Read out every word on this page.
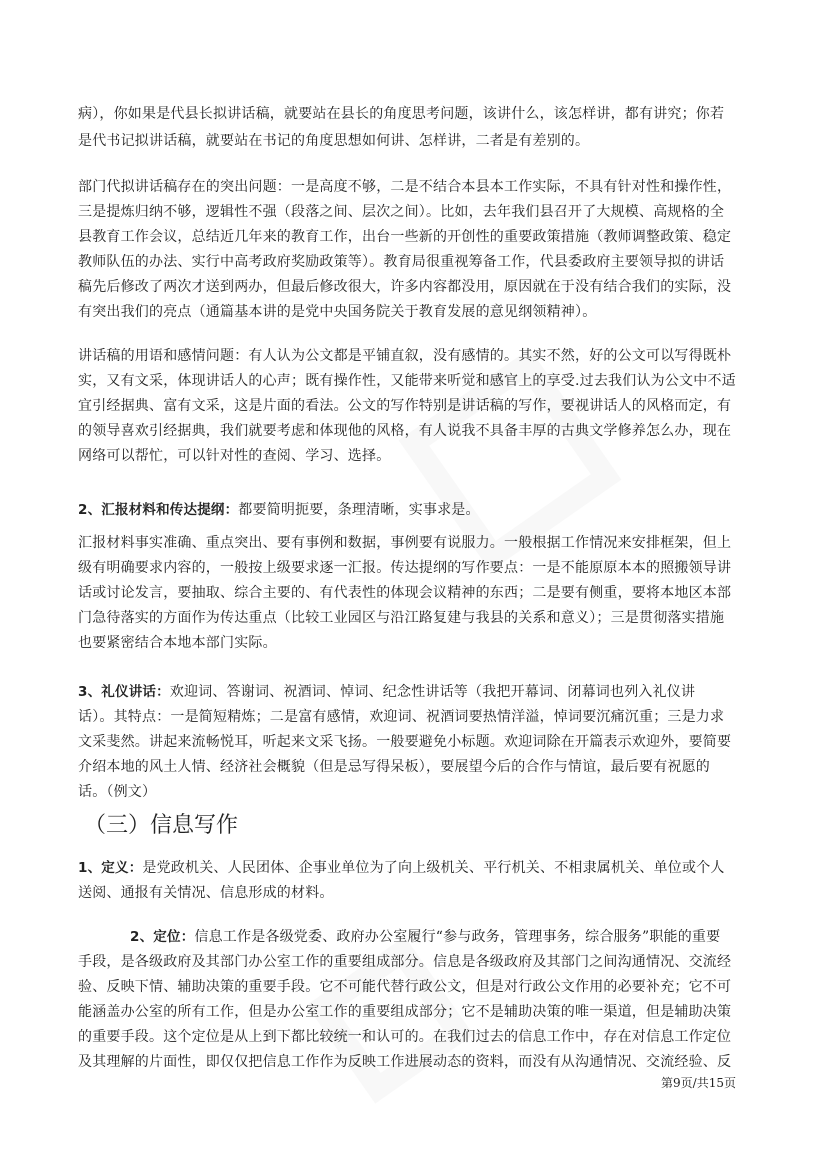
病），你如果是代县长拟讲话稿，就要站在县长的角度思考问题，该讲什么，该怎样讲，都有讲究；你若
是代书记拟讲话稿，就要站在书记的角度思想如何讲、怎样讲，二者是有差别的。
部门代拟讲话稿存在的突出问题：一是高度不够，二是不结合本县本工作实际，不具有针对性和操作性，
三是提炼归纳不够，逻辑性不强（段落之间、层次之间）。比如，去年我们县召开了大规模、高规格的全
县教育工作会议，总结近几年来的教育工作，出台一些新的开创性的重要政策措施（教师调整政策、稳定
教师队伍的办法、实行中高考政府奖励政策等）。教育局很重视筹备工作，代县委政府主要领导拟的讲话
稿先后修改了两次才送到两办，但最后修改很大，许多内容都没用，原因就在于没有结合我们的实际，没
有突出我们的亮点（通篇基本讲的是党中央国务院关于教育发展的意见纲领精神）。
讲话稿的用语和感情问题：有人认为公文都是平铺直叙，没有感情的。其实不然，好的公文可以写得既朴
实，又有文采，体现讲话人的心声；既有操作性，又能带来听觉和感官上的享受.过去我们认为公文中不适
宜引经据典、富有文采，这是片面的看法。公文的写作特别是讲话稿的写作，要视讲话人的风格而定，有
的领导喜欢引经据典，我们就要考虑和体现他的风格，有人说我不具备丰厚的古典文学修养怎么办，现在
网络可以帮忙，可以针对性的查阅、学习、选择。
2、汇报材料和传达提纲：都要简明扼要，条理清晰，实事求是。
汇报材料事实准确、重点突出、要有事例和数据，事例要有说服力。一般根据工作情况来安排框架，但上
级有明确要求内容的，一般按上级要求逐一汇报。传达提纲的写作要点：一是不能原原本本的照搬领导讲
话或讨论发言，要抽取、综合主要的、有代表性的体现会议精神的东西；二是要有侧重，要将本地区本部
门急待落实的方面作为传达重点（比较工业园区与沿江路复建与我县的关系和意义）；三是贯彻落实措施
也要紧密结合本地本部门实际。
3、礼仪讲话：欢迎词、答谢词、祝酒词、悼词、纪念性讲话等（我把开幕词、闭幕词也列入礼仪讲
话）。其特点：一是简短精炼；二是富有感情，欢迎词、祝酒词要热情洋溢，悼词要沉痛沉重；三是力求
文采斐然。讲起来流畅悦耳，听起来文采飞扬。一般要避免小标题。欢迎词除在开篇表示欢迎外，要简要
介绍本地的风土人情、经济社会概貌（但是忌写得呆板），要展望今后的合作与情谊，最后要有祝愿的
话。（例文）
1、定义：是党政机关、人民团体、企事业单位为了向上级机关、平行机关、不相隶属机关、单位或个人
送阅、通报有关情况、信息形成的材料。
2、定位：信息工作是各级党委、政府办公室履行“参与政务，管理事务，综合服务”职能的重要
手段，是各级政府及其部门办公室工作的重要组成部分。信息是各级政府及其部门之间沟通情况、交流经
验、反映下情、辅助决策的重要手段。它不可能代替行政公文，但是对行政公文作用的必要补充；它不可
能涵盖办公室的所有工作，但是办公室工作的重要组成部分；它不是辅助决策的唯一渠道，但是辅助决策
的重要手段。这个定位是从上到下都比较统一和认可的。在我们过去的信息工作中，存在对信息工作定位
及其理解的片面性，即仅仅把信息工作作为反映工作进展动态的资料，而没有从沟通情况、交流经验、反
（三）信息写作
第9页/共15页
